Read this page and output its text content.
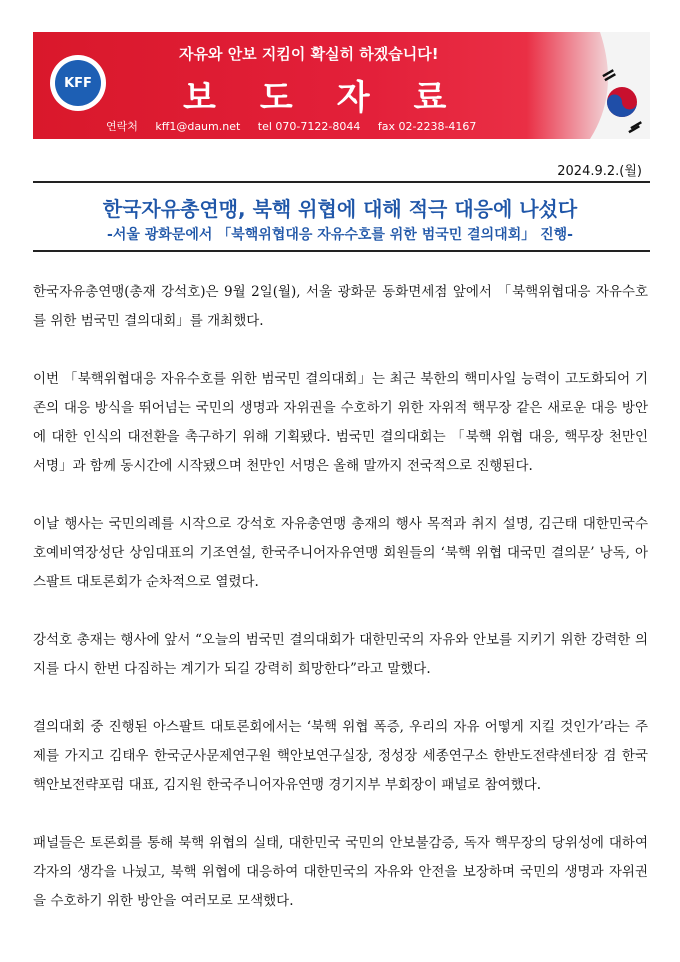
KFF
자유와 안보 지킴이 확실히 하겠습니다!
보도자료
연락처 kff1@daum.net tel 070-7122-8044 fax 02-2238-4167
2024.9.2.(월)
한국자유총연맹, 북핵 위협에 대해 적극 대응에 나섰다
-서울 광화문에서 「북핵위협대응 자유수호를 위한 범국민 결의대회」 진행-

한국자유총연맹(총재 강석호)은 9월 2일(월), 서울 광화문 동화면세점 앞에서 「북핵위협대응 자유수호를 위한 범국민 결의대회」를 개최했다.

이번 「북핵위협대응 자유수호를 위한 범국민 결의대회」는 최근 북한의 핵미사일 능력이 고도화되어 기존의 대응 방식을 뛰어넘는 국민의 생명과 자위권을 수호하기 위한 자위적 핵무장 같은 새로운 대응 방안에 대한 인식의 대전환을 촉구하기 위해 기획됐다. 범국민 결의대회는 「북핵 위협 대응, 핵무장 천만인 서명」과 함께 동시간에 시작됐으며 천만인 서명은 올해 말까지 전국적으로 진행된다.

이날 행사는 국민의례를 시작으로 강석호 자유총연맹 총재의 행사 목적과 취지 설명, 김근태 대한민국수호예비역장성단 상임대표의 기조연설, 한국주니어자유연맹 회원들의 ‘북핵 위협 대국민 결의문’ 낭독, 아스팔트 대토론회가 순차적으로 열렸다.

강석호 총재는 행사에 앞서 “오늘의 범국민 결의대회가 대한민국의 자유와 안보를 지키기 위한 강력한 의지를 다시 한번 다짐하는 계기가 되길 강력히 희망한다”라고 말했다.

결의대회 중 진행된 아스팔트 대토론회에서는 ‘북핵 위협 폭증, 우리의 자유 어떻게 지킬 것인가’라는 주제를 가지고 김태우 한국군사문제연구원 핵안보연구실장, 정성장 세종연구소 한반도전략센터장 겸 한국핵안보전략포럼 대표, 김지원 한국주니어자유연맹 경기지부 부회장이 패널로 참여했다.

패널들은 토론회를 통해 북핵 위협의 실태, 대한민국 국민의 안보불감증, 독자 핵무장의 당위성에 대하여 각자의 생각을 나눴고, 북핵 위협에 대응하여 대한민국의 자유와 안전을 보장하며 국민의 생명과 자위권을 수호하기 위한 방안을 여러모로 모색했다.
